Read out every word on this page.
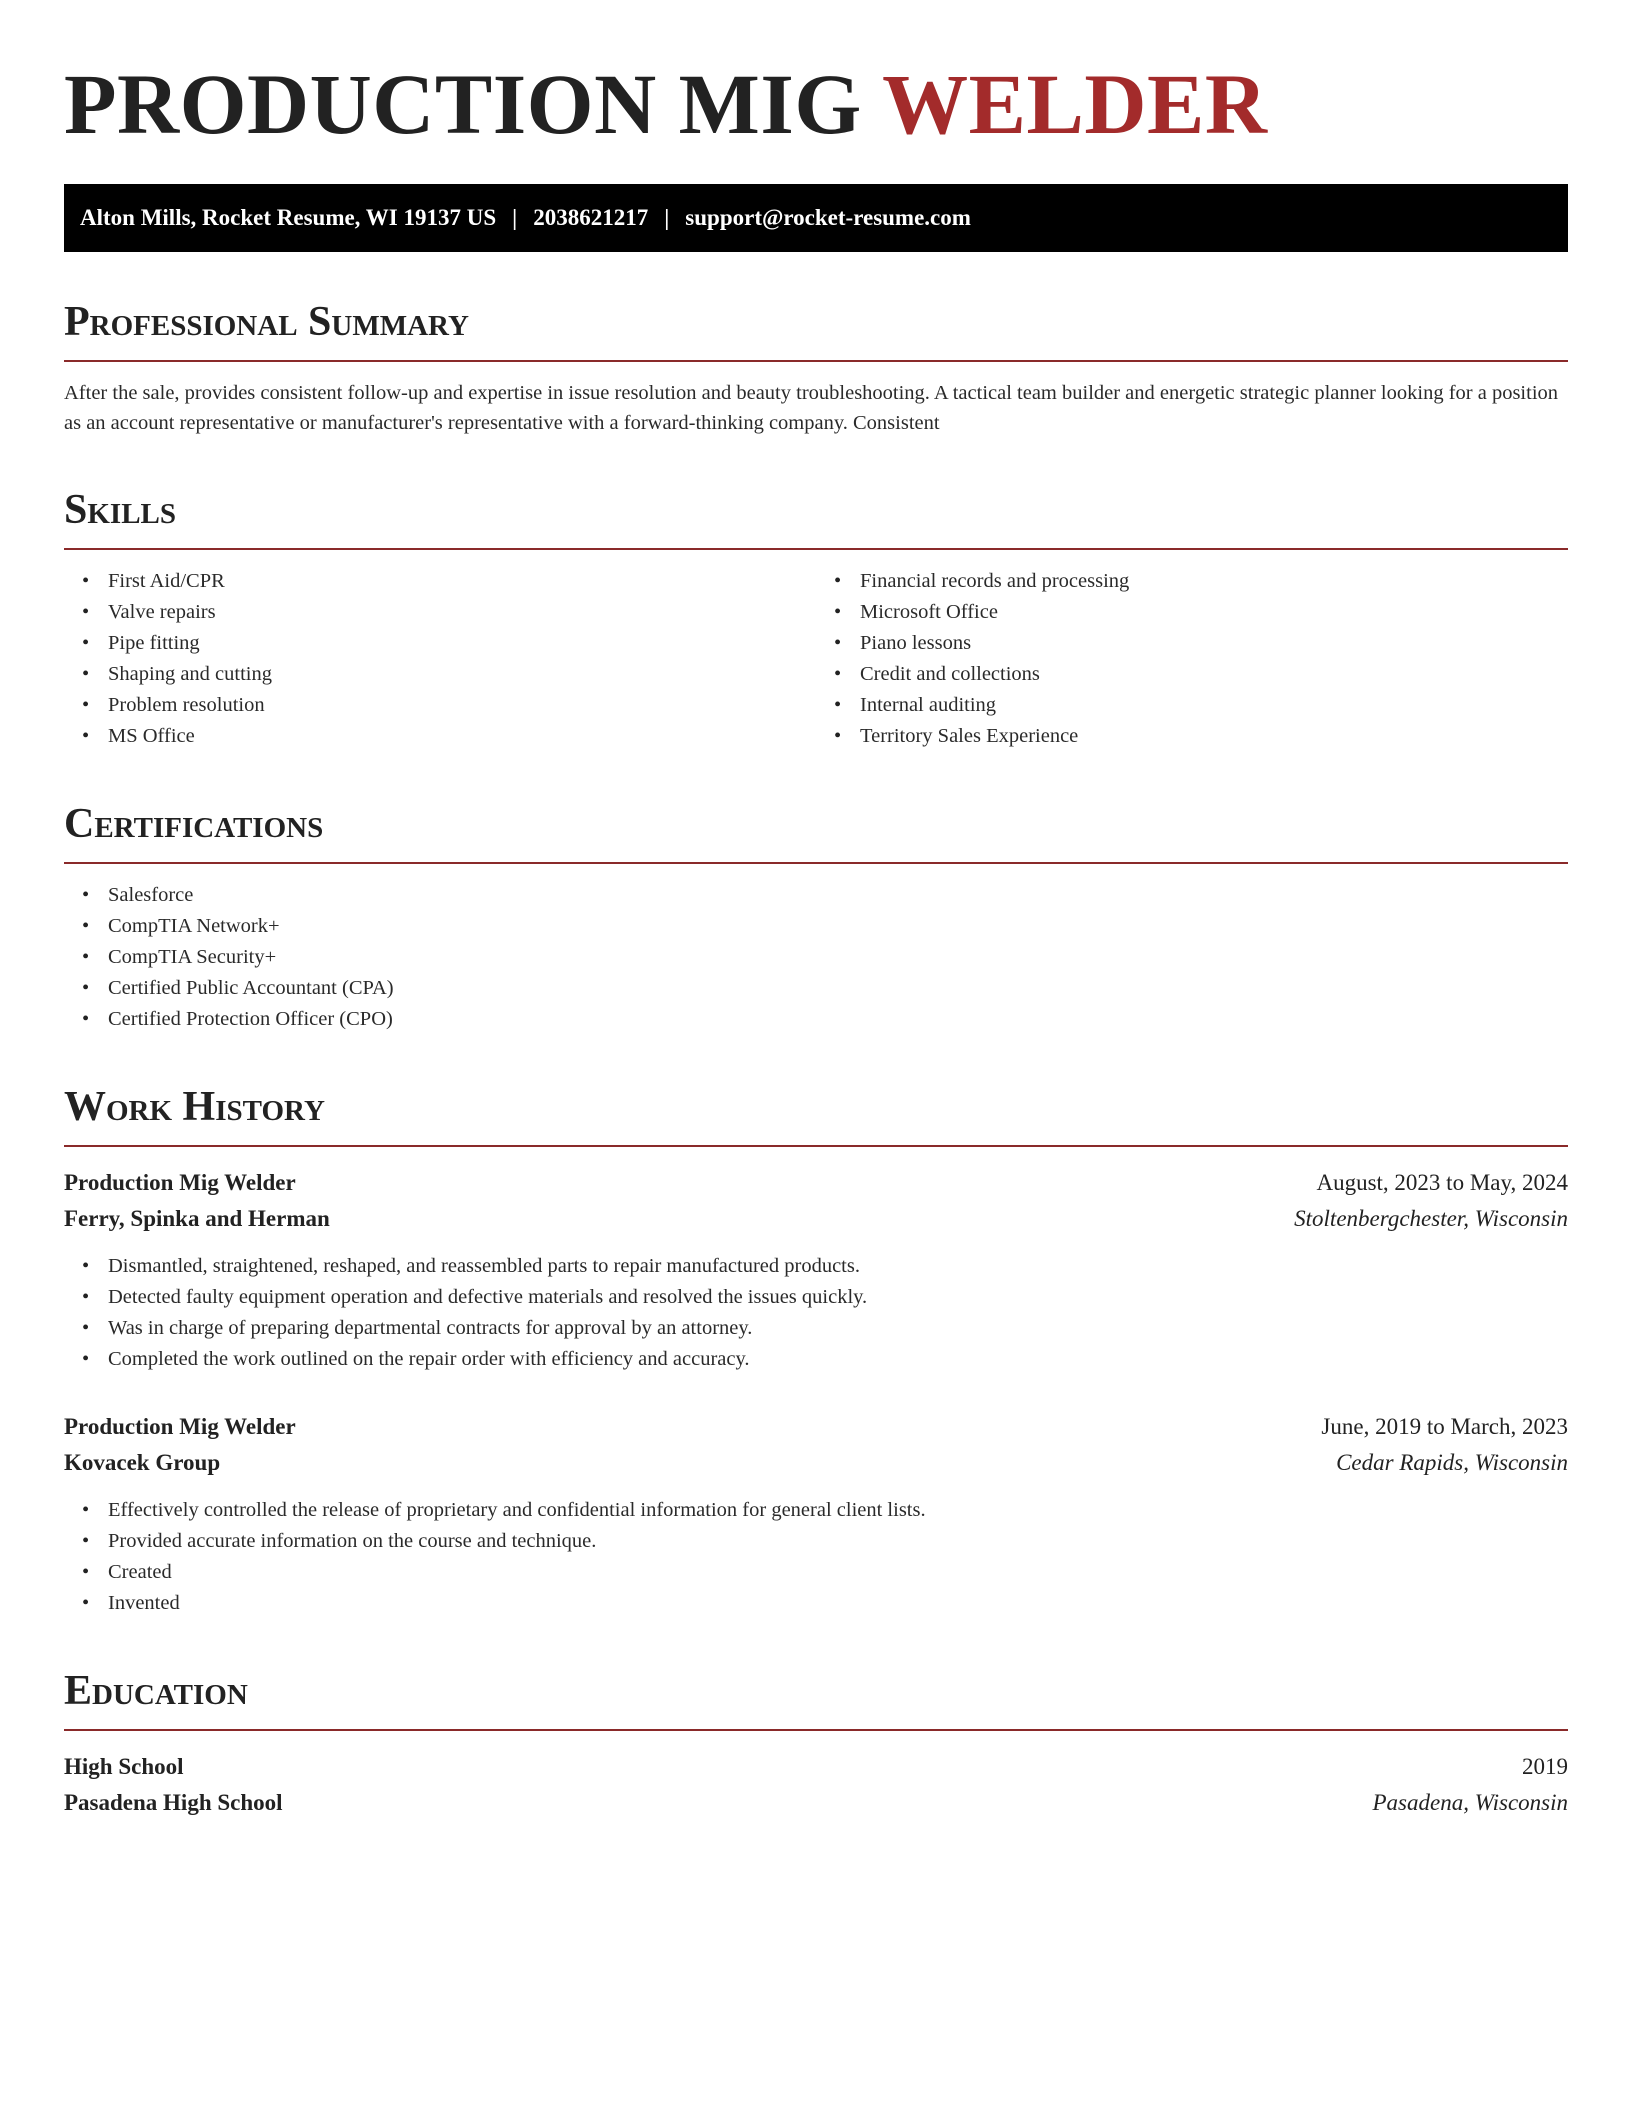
PRODUCTION MIG WELDER
Alton Mills, Rocket Resume, WI 19137 US | 2038621217 | support@rocket-resume.com
Professional Summary

After the sale, provides consistent follow-up and expertise in issue resolution and beauty troubleshooting. A tactical team builder and energetic strategic planner looking for a position as an account representative or manufacturer's representative with a forward-thinking company. Consistent

Skills
• First Aid/CPR
• Valve repairs
• Pipe fitting
• Shaping and cutting
• Problem resolution
• MS Office
• Financial records and processing
• Microsoft Office
• Piano lessons
• Credit and collections
• Internal auditing
• Territory Sales Experience
Certifications
• Salesforce
• CompTIA Network+
• CompTIA Security+
• Certified Public Accountant (CPA)
• Certified Protection Officer (CPO)
Work History
Production Mig Welder	August, 2023 to May, 2024
Ferry, Spinka and Herman	Stoltenbergchester, Wisconsin
• Dismantled, straightened, reshaped, and reassembled parts to repair manufactured products.
• Detected faulty equipment operation and defective materials and resolved the issues quickly.
• Was in charge of preparing departmental contracts for approval by an attorney.
• Completed the work outlined on the repair order with efficiency and accuracy.
Production Mig Welder	June, 2019 to March, 2023
Kovacek Group	Cedar Rapids, Wisconsin
• Effectively controlled the release of proprietary and confidential information for general client lists.
• Provided accurate information on the course and technique.
• Created
• Invented
Education
High School	2019
Pasadena High School	Pasadena, Wisconsin
